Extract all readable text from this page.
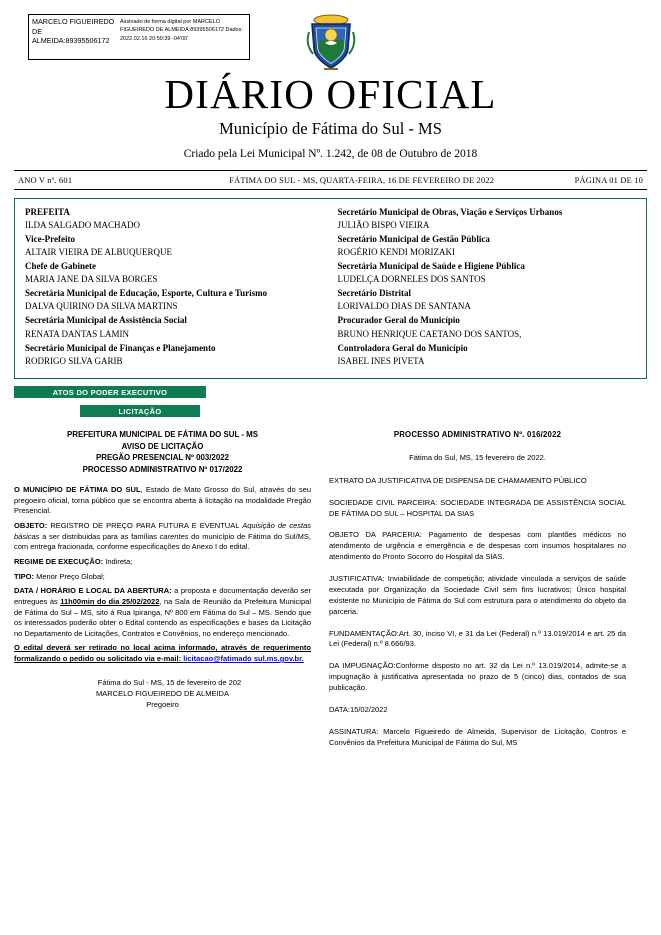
MARCELO FIGUEIREDO DE ALMEIDA:89395506172
Assinado de forma digital por MARCELO FIGUEIREDO DE ALMEIDA:89395506172 Dados: 2022.02.16 20:50:39 -04'00'
DIÁRIO OFICIAL
Município de Fátima do Sul - MS
Criado pela Lei Municipal Nº. 1.242, de 08 de Outubro de 2018
ANO V nº. 601	FÁTIMA DO SUL - MS, QUARTA-FEIRA, 16 DE FEVEREIRO DE 2022	PÁGINA 01 DE 10
PREFEITA
ILDA SALGADO MACHADO
Vice-Prefeito
ALTAIR VIEIRA DE ALBUQUERQUE
Chefe de Gabinete
MARIA JANE DA SILVA BORGES
Secretária Municipal de Educação, Esporte, Cultura e Turismo
DALVA QUIRINO DA SILVA MARTINS
Secretária Municipal de Assistência Social
RENATA DANTAS LAMIN
Secretário Municipal de Finanças e Planejamento
RODRIGO SILVA GARIB
Secretário Municipal de Obras, Viação e Serviços Urbanos
JULIÃO BISPO VIEIRA
Secretário Municipal de Gestão Pública
ROGÉRIO KENDI MORIZAKI
Secretária Municipal de Saúde e Higiene Pública
LUDELÇA DORNELES DOS SANTOS
Secretário Distrital
LORIVALDO DIAS DE SANTANA
Procurador Geral do Município
BRUNO HENRIQUE CAETANO DOS SANTOS,
Controladora Geral do Município
ISABEL INES PIVETA
ATOS DO PODER EXECUTIVO
LICITAÇÃO
PREFEITURA MUNICIPAL DE FÁTIMA DO SUL - MS
AVISO DE LICITAÇÃO
PREGÃO PRESENCIAL Nº 003/2022
PROCESSO ADMINISTRATIVO Nº 017/2022

O MUNICÍPIO DE FÁTIMA DO SUL, Estado de Mato Grosso do Sul, através do seu pregoeiro oficial, torna público que se encontra aberta à licitação na modalidade Pregão Presencial.

OBJETO: REGISTRO DE PREÇO PARA FUTURA E EVENTUAL Aquisição de cestas básicas a ser distribuidas para as famílias carentes do município de Fátima do Sul/MS, com entrega fracionada, conforme especificações do Anexo I do edital.

REGIME DE EXECUÇÃO: Indireta;

TIPO: Menor Preço Global;

DATA / HORÁRIO E LOCAL DA ABERTURA: a proposta e documentação deverão ser entregues às 11h00min do dia 25/02/2022, na Sala de Reunião da Prefeitura Municipal de Fátima do Sul – MS, sito á Rua Ipiranga, Nº 800 em Fátima do Sul – MS. Sendo que os interessados poderão obter o Edital contendo as especificações e bases da Licitação no Departamento de Licitações, Contratos e Convênios, no endereço mencionado.

O edital deverá ser retirado no local acima informado, através de requerimento formalizando o pedido ou solicitado via e-mail: licitacao@fatimado sul.ms.gov.br.

Fátima do Sul - MS, 15 de fevereiro de 202
MARCELO FIGUEIREDO DE ALMEIDA
Pregoeiro
PROCESSO ADMINISTRATIVO Nº. 016/2022
Fátima do Sul, MS, 15 fevereiro de 2022.
EXTRATO DA JUSTIFICATIVA DE DISPENSA DE CHAMAMENTO PÚBLICO
SOCIEDADE CIVIL PARCEIRA: SOCIEDADE INTEGRADA DE ASSISTÊNCIA SOCIAL DE FÁTIMA DO SUL – HOSPITAL DA SIAS
OBJETO DA PARCERIA: Pagamento de despesas com plantões médicos no atendimento de urgência e emergência e de despesas com insumos hospitalares no atendimento do Pronto Socorro do Hospital da SIAS.
JUSTIFICATIVA: Inviabilidade de competição; atividade vinculada a serviços de saúde executada por Organização da Sociedade Civil sem fins lucrativos; Único hospital existente no Município de Fátima do Sul com estrutura para o atendimento do objeto da parceria.
FUNDAMENTAÇÃO:Art. 30, inciso VI, e 31 da Lei (Federal) n.º 13.019/2014 e art. 25 da Lei (Federal) n.º 8.666/93.
DA IMPUGNAÇÃO:Conforme disposto no art. 32 da Lei n.º 13.019/2014, admite-se a impugnação à justificativa apresentada no prazo de 5 (cinco) dias, contados de sua publicação.
DATA:15/02/2022
ASSINATURA: Marcelo Figueiredo de Almeida, Supervisor de Licitação, Contros e Convênios da Prefeitura Municipal de Fátima do Sul, MS
